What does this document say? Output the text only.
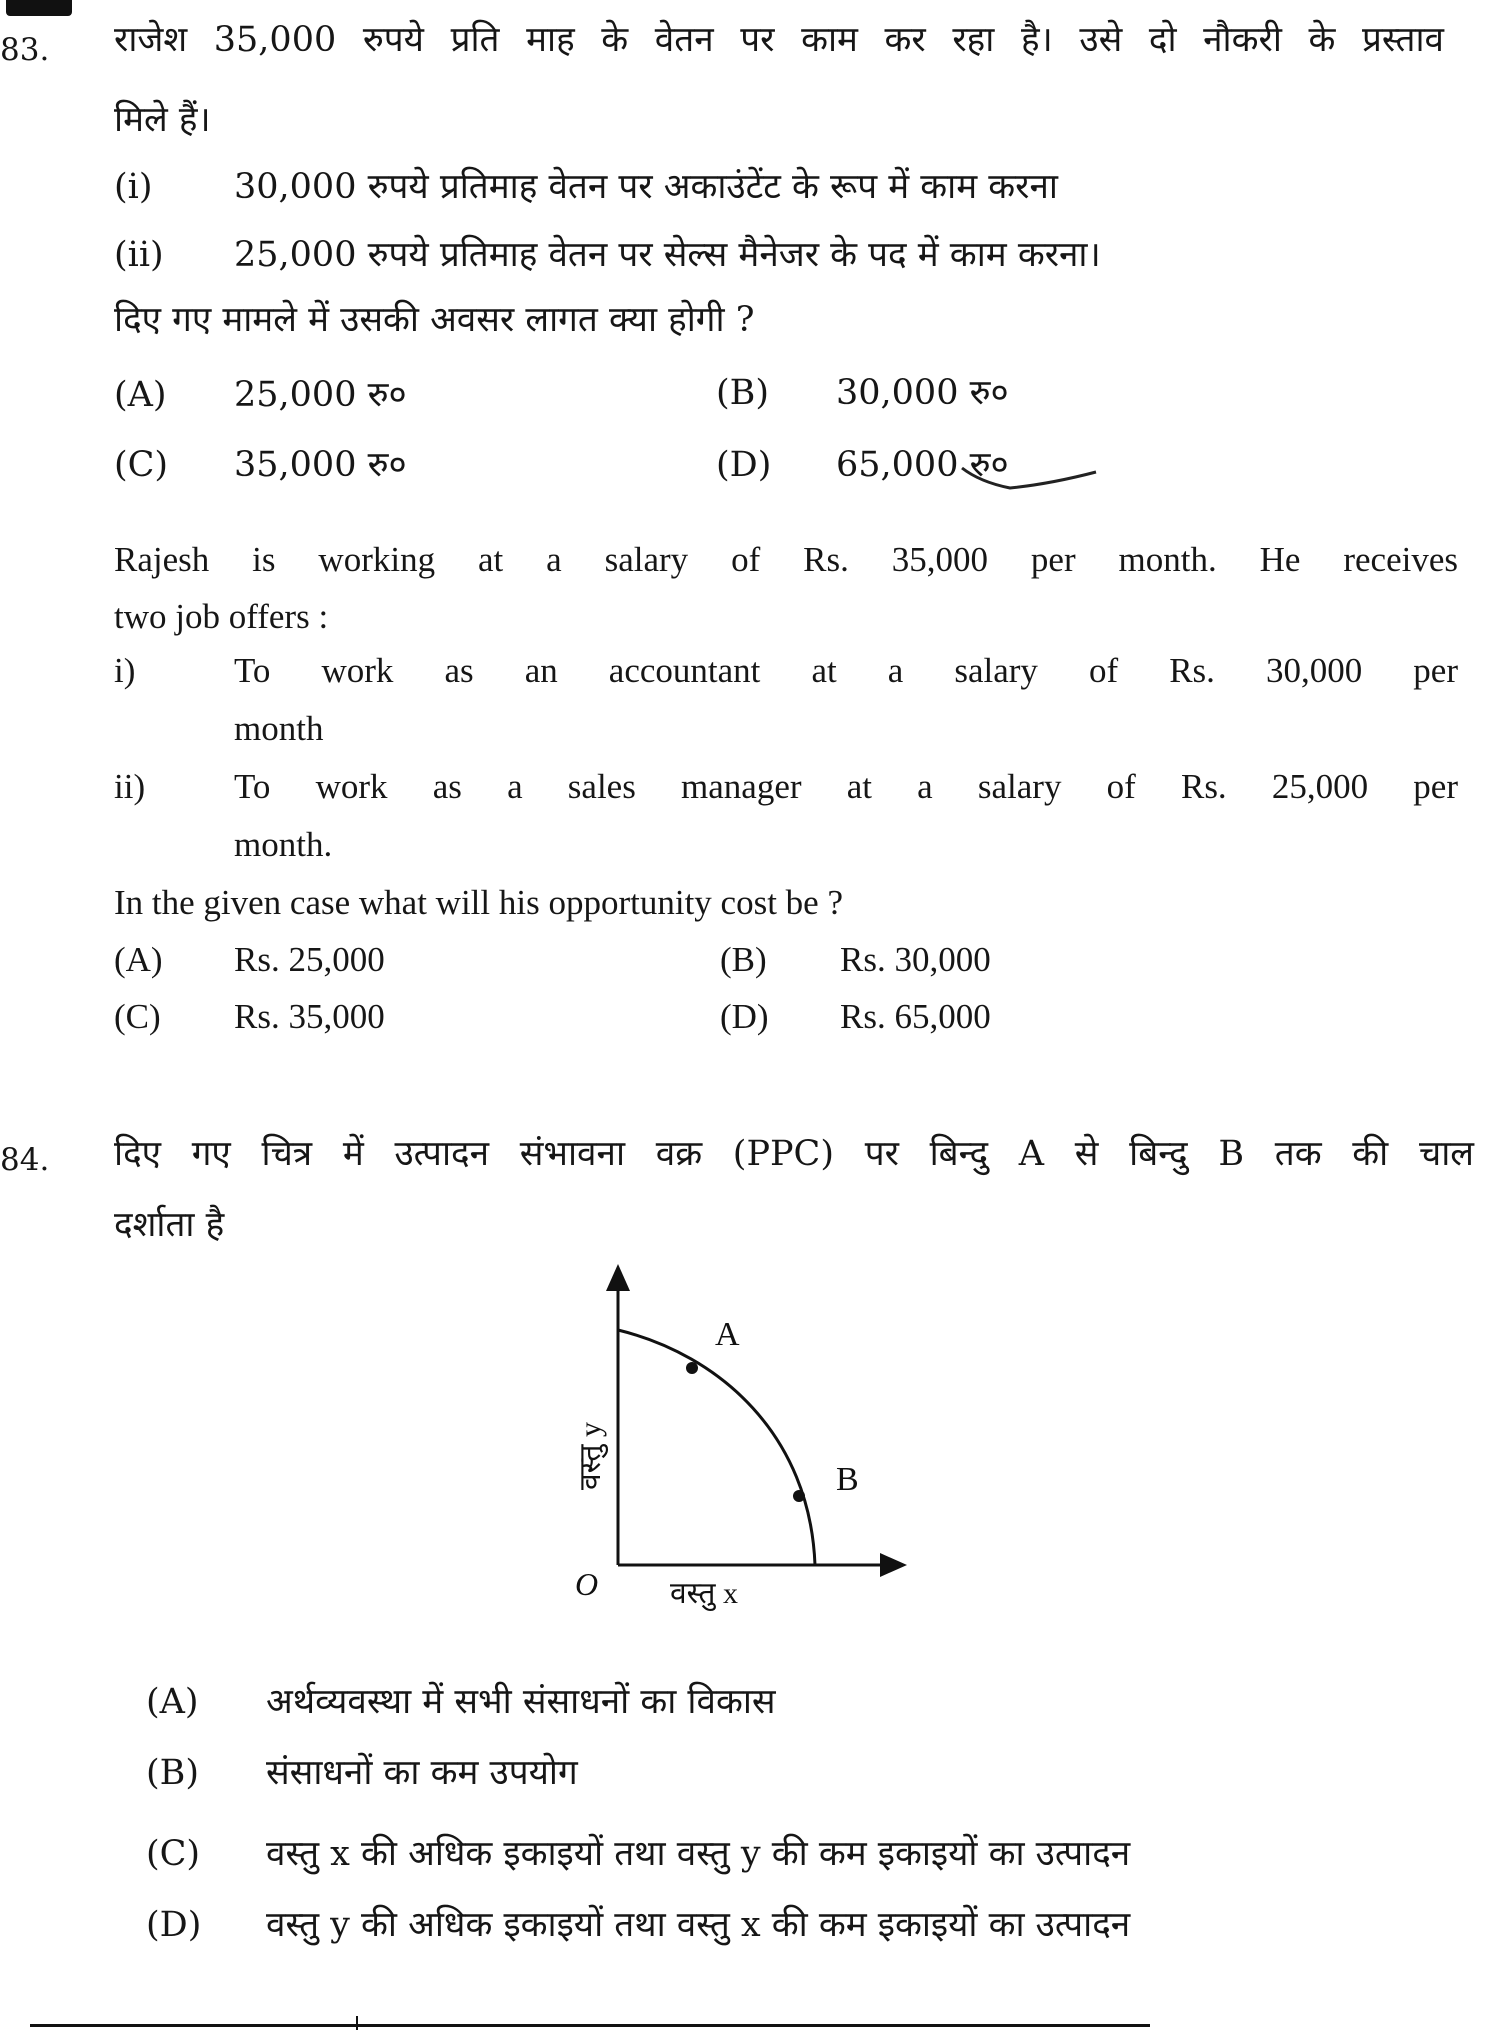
83. राजेश 35,000 रुपये प्रति माह के वेतन पर काम कर रहा है। उसे दो नौकरी के प्रस्ताव
मिले हैं।
(i)	30,000 रुपये प्रतिमाह वेतन पर अकाउंटेंट के रूप में काम करना
(ii)	25,000 रुपये प्रतिमाह वेतन पर सेल्स मैनेजर के पद में काम करना।
दिए गए मामले में उसकी अवसर लागत क्या होगी ?
(A)	25,000 रु०	(B)	30,000 रु०
(C)	35,000 रु०	(D)	65,000 रु०
Rajesh is working at a salary of Rs. 35,000 per month. He receives
two job offers :
i)	To work as an accountant at a salary of Rs. 30,000 per
month
ii)	To work as a sales manager at a salary of Rs. 25,000 per
month.
In the given case what will his opportunity cost be ?
(A)	Rs. 25,000	(B)	Rs. 30,000
(C)	Rs. 35,000	(D)	Rs. 65,000
84. दिए गए चित्र में उत्पादन संभावना वक्र (PPC) पर बिन्दु A से बिन्दु B तक की चाल
दर्शाता है
A
B
O वस्तु x
वस्तु y
(A)	अर्थव्यवस्था में सभी संसाधनों का विकास
(B)	संसाधनों का कम उपयोग
(C)	वस्तु x की अधिक इकाइयों तथा वस्तु y की कम इकाइयों का उत्पादन
(D)	वस्तु y की अधिक इकाइयों तथा वस्तु x की कम इकाइयों का उत्पादन
